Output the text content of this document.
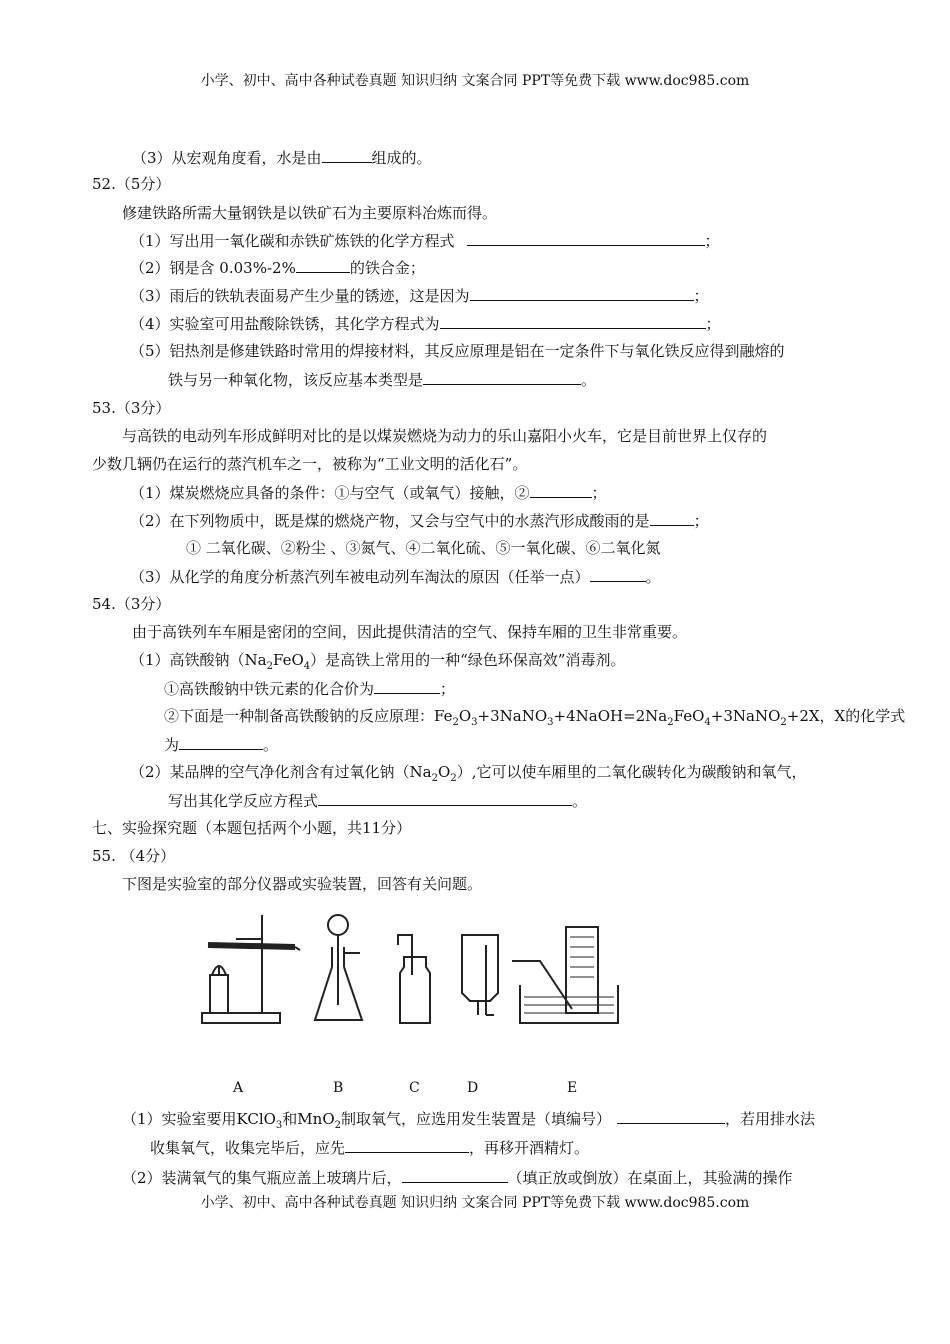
小学、初中、高中各种试卷真题 知识归纳 文案合同 PPT等免费下载 www.doc985.com
（3）从宏观角度看，水是由	组成的。
52.（5分）
修建铁路所需大量钢铁是以铁矿石为主要原料冶炼而得。
（1）写出用一氧化碳和赤铁矿炼铁的化学方程式	；
（2）钢是含 0.03%-2%	的铁合金；
（3）雨后的铁轨表面易产生少量的锈迹，这是因为	；
（4）实验室可用盐酸除铁锈，其化学方程式为	；
（5）铝热剂是修建铁路时常用的焊接材料，其反应原理是铝在一定条件下与氧化铁反应得到融熔的
铁与另一种氧化物，该反应基本类型是	。
53.（3分）
与高铁的电动列车形成鲜明对比的是以煤炭燃烧为动力的乐山嘉阳小火车，它是目前世界上仅存的
少数几辆仍在运行的蒸汽机车之一，被称为“工业文明的活化石”。
（1）煤炭燃烧应具备的条件：①与空气（或氧气）接触，②	；
（2）在下列物质中，既是煤的燃烧产物，又会与空气中的水蒸汽形成酸雨的是	；
① 二氧化碳、②粉尘 、③氮气、④二氧化硫、⑤一氧化碳、⑥二氧化氮
（3）从化学的角度分析蒸汽列车被电动列车淘汰的原因（任举一点）	。
54.（3分）
由于高铁列车车厢是密闭的空间，因此提供清洁的空气、保持车厢的卫生非常重要。
（1）高铁酸钠$(Na_2FeO_4)$是高铁上常用的一种“绿色环保高效”消毒剂。
①高铁酸钠中铁元素的化合价为	；
②下面是一种制备高铁酸钠的反应原理：$Fe_2O_3+3NaNO_3+4NaOH=2Na_2FeO_4+3NaNO_2+2X$，X的化学式
为	。
（2）某品牌的空气净化剂含有过氧化钠$(Na_2O_2)$,它可以使车厢里的二氧化碳转化为碳酸钠和氧气，
写出其化学反应方程式	。
七、实验探究题（本题包括两个小题，共11分）
55. （4分）
下图是实验室的部分仪器或实验装置，回答有关问题。
A	B	C	D	E
（1）实验室要用KClO$_3$和MnO$_2$制取氧气，应选用发生装置是（填编号）	，若用排水法
收集氧气，收集完毕后，应先	，再移开酒精灯。
（2）装满氧气的集气瓶应盖上玻璃片后，	（填正放或倒放）在桌面上，其验满的操作
小学、初中、高中各种试卷真题 知识归纳 文案合同 PPT等免费下载 www.doc985.com
